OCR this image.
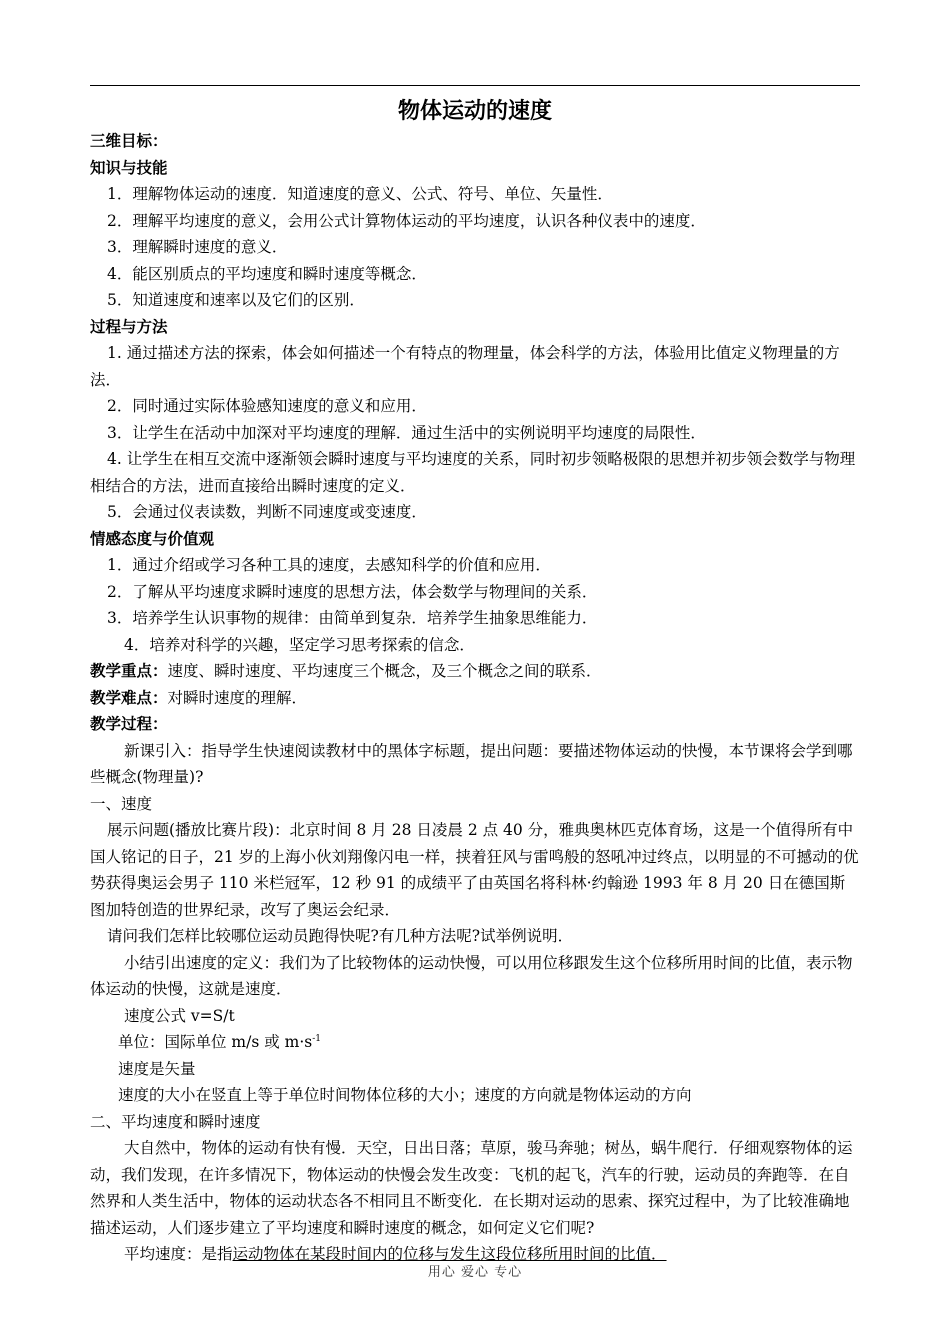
物体运动的速度

三维目标：

知识与技能

1．理解物体运动的速度．知道速度的意义、公式、符号、单位、矢量性．

2．理解平均速度的意义，会用公式计算物体运动的平均速度，认识各种仪表中的速度．

3．理解瞬时速度的意义．

4．能区别质点的平均速度和瞬时速度等概念．

5．知道速度和速率以及它们的区别．

过程与方法

1. 通过描述方法的探索，体会如何描述一个有特点的物理量，体会科学的方法，体验用比值定义物理量的方法．

2．同时通过实际体验感知速度的意义和应用．

3．让学生在活动中加深对平均速度的理解．通过生活中的实例说明平均速度的局限性．

4. 让学生在相互交流中逐渐领会瞬时速度与平均速度的关系，同时初步领略极限的思想并初步领会数学与物理相结合的方法，进而直接给出瞬时速度的定义．

5．会通过仪表读数，判断不同速度或变速度．

情感态度与价值观

1．通过介绍或学习各种工具的速度，去感知科学的价值和应用．

2．了解从平均速度求瞬时速度的思想方法，体会数学与物理间的关系．

3．培养学生认识事物的规律：由简单到复杂．培养学生抽象思维能力．

4．培养对科学的兴趣，坚定学习思考探索的信念．

教学重点：速度、瞬时速度、平均速度三个概念，及三个概念之间的联系．

教学难点：对瞬时速度的理解．

教学过程：

新课引入：指导学生快速阅读教材中的黑体字标题，提出问题：要描述物体运动的快慢，本节课将会学到哪些概念(物理量)?

一、速度

展示问题(播放比赛片段)：北京时间 8 月 28 日凌晨 2 点 40 分，雅典奥林匹克体育场，这是一个值得所有中国人铭记的日子，21 岁的上海小伙刘翔像闪电一样，挟着狂风与雷鸣般的怒吼冲过终点，以明显的不可撼动的优势获得奥运会男子 110 米栏冠军，12 秒 91 的成绩平了由英国名将科林·约翰逊 1993 年 8 月 20 日在德国斯图加特创造的世界纪录，改写了奥运会纪录．

请问我们怎样比较哪位运动员跑得快呢?有几种方法呢?试举例说明．

小结引出速度的定义：我们为了比较物体的运动快慢，可以用位移跟发生这个位移所用时间的比值，表示物体运动的快慢，这就是速度．

速度公式 v=S/t

单位：国际单位 m/s 或 $m\cdot s^{-1}$

速度是矢量

速度的大小在竖直上等于单位时间物体位移的大小；速度的方向就是物体运动的方向

二、平均速度和瞬时速度

大自然中，物体的运动有快有慢．天空，日出日落；草原，骏马奔驰；树丛，蜗牛爬行．仔细观察物体的运动，我们发现，在许多情况下，物体运动的快慢会发生改变：飞机的起飞，汽车的行驶，运动员的奔跑等．在自然界和人类生活中，物体的运动状态各不相同且不断变化．在长期对运动的思索、探究过程中，为了比较准确地描述运动，人们逐步建立了平均速度和瞬时速度的概念，如何定义它们呢?

平均速度：是指运动物体在某段时间内的位移与发生这段位移所用时间的比值．

用心 爱心 专心
